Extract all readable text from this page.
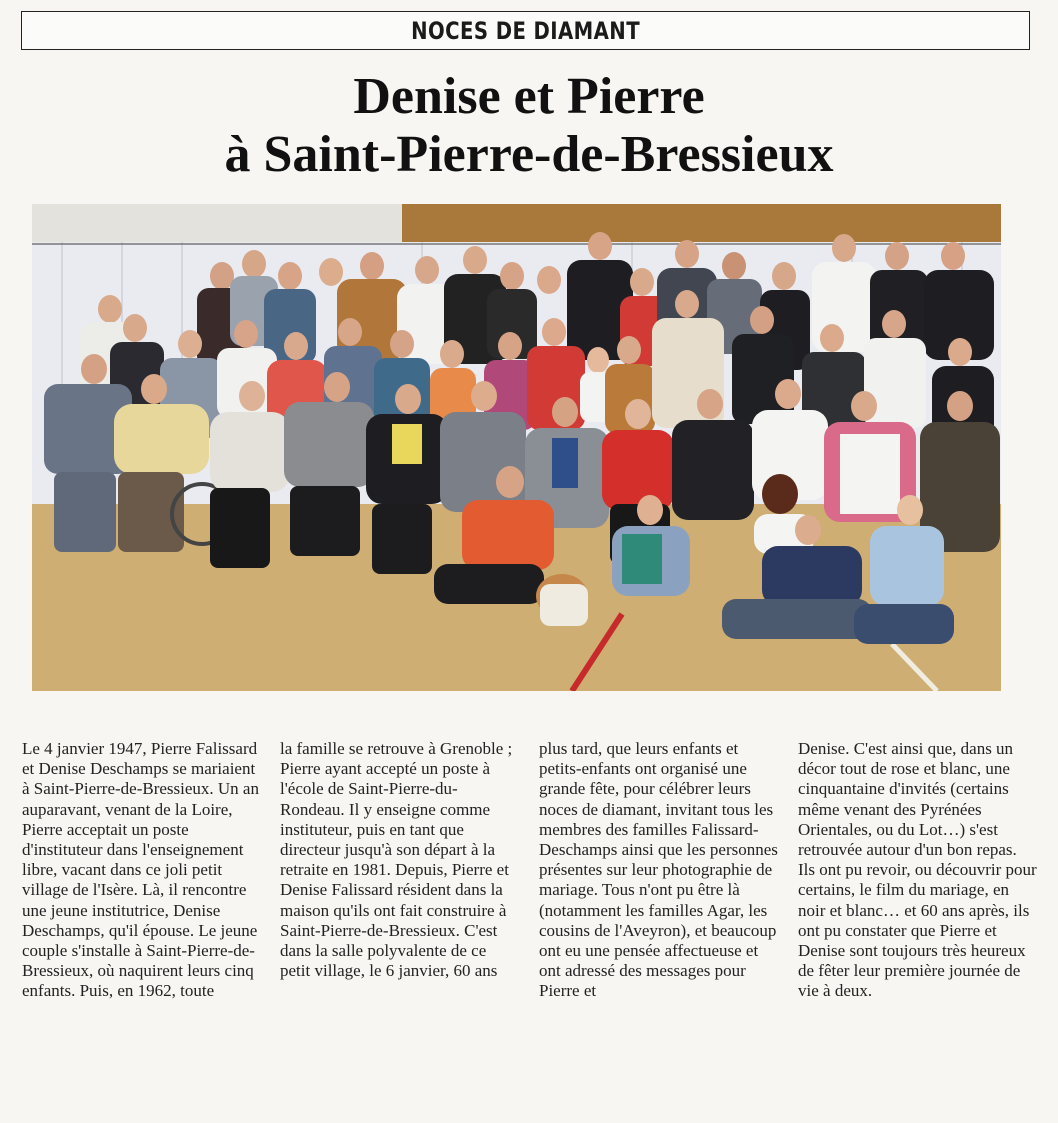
NOCES DE DIAMANT
Denise et Pierre
à Saint-Pierre-de-Bressieux

Le 4 janvier 1947, Pierre Falissard et Denise Deschamps se mariaient à Saint-Pierre-de-Bressieux. Un an auparavant, venant de la Loire, Pierre acceptait un poste d'instituteur dans l'enseignement libre, vacant dans ce joli petit village de l'Isère. Là, il rencontre une jeune institutrice, Denise Deschamps, qu'il épouse. Le jeune couple s'installe à Saint-Pierre-de-Bressieux, où naquirent leurs cinq enfants. Puis, en 1962, toute

la famille se retrouve à Grenoble ; Pierre ayant accepté un poste à l'école de Saint-Pierre-du-Rondeau. Il y enseigne comme instituteur, puis en tant que directeur jusqu'à son départ à la retraite en 1981. Depuis, Pierre et Denise Falissard résident dans la maison qu'ils ont fait construire à Saint-Pierre-de-Bressieux. C'est dans la salle polyvalente de ce petit village, le 6 janvier, 60 ans

plus tard, que leurs enfants et petits-enfants ont organisé une grande fête, pour célébrer leurs noces de diamant, invitant tous les membres des familles Falissard-Deschamps ainsi que les personnes présentes sur leur photographie de mariage. Tous n'ont pu être là (notamment les familles Agar, les cousins de l'Aveyron), et beaucoup ont eu une pensée affectueuse et ont adressé des messages pour Pierre et

Denise. C'est ainsi que, dans un décor tout de rose et blanc, une cinquantaine d'invités (certains même venant des Pyrénées Orientales, ou du Lot…) s'est retrouvée autour d'un bon repas. Ils ont pu revoir, ou découvrir pour certains, le film du mariage, en noir et blanc… et 60 ans après, ils ont pu constater que Pierre et Denise sont toujours très heureux de fêter leur première journée de vie à deux.
